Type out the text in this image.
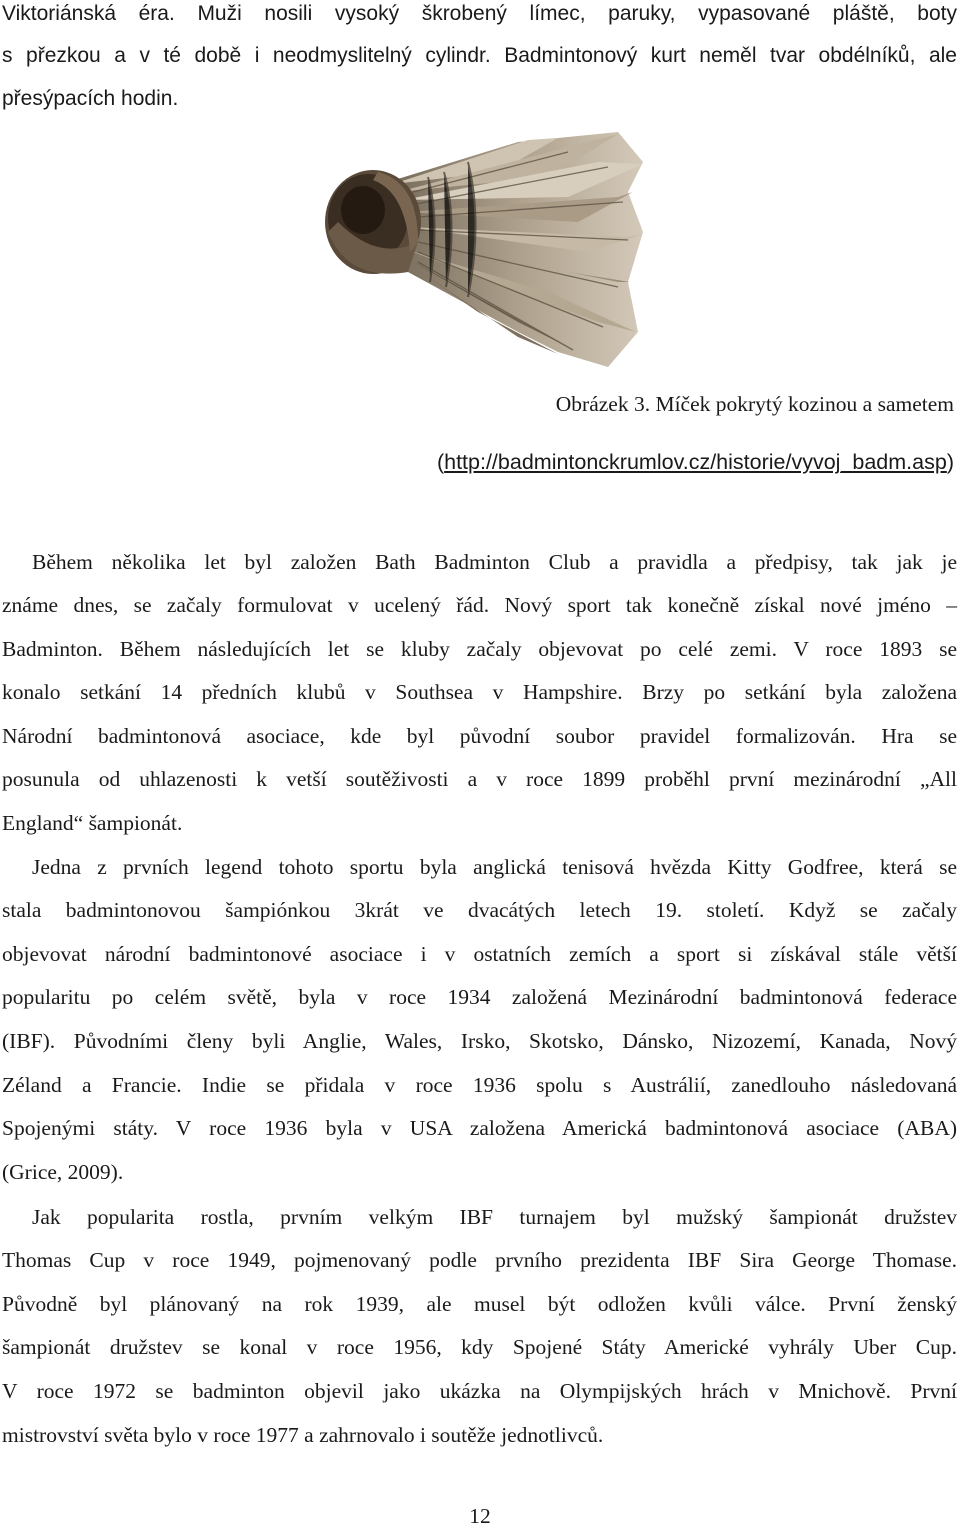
Viktoriánská éra. Muži nosili vysoký škrobený límec, paruky, vypasované pláště, boty
s přezkou a v té době i neodmyslitelný cylindr. Badmintonový kurt neměl tvar obdélníků, ale
přesýpacích hodin.
Obrázek 3. Míček pokrytý kozinou a sametem
(http://badmintonckrumlov.cz/historie/vyvoj_badm.asp)
Během několika let byl založen Bath Badminton Club a pravidla a předpisy, tak jak je
známe dnes, se začaly formulovat v ucelený řád. Nový sport tak konečně získal nové jméno –
Badminton. Během následujících let se kluby začaly objevovat po celé zemi. V roce 1893 se
konalo setkání 14 předních klubů v Southsea v Hampshire. Brzy po setkání byla založena
Národní badmintonová asociace, kde byl původní soubor pravidel formalizován. Hra se
posunula od uhlazenosti k vetší soutěživosti a v roce 1899 proběhl první mezinárodní „All
England“ šampionát.
Jedna z prvních legend tohoto sportu byla anglická tenisová hvězda Kitty Godfree, která se
stala badmintonovou šampiónkou 3krát ve dvacátých letech 19. století. Když se začaly
objevovat národní badmintonové asociace i v ostatních zemích a sport si získával stále větší
popularitu po celém světě, byla v roce 1934 založená Mezinárodní badmintonová federace
(IBF). Původními členy byli Anglie, Wales, Irsko, Skotsko, Dánsko, Nizozemí, Kanada, Nový
Zéland a Francie. Indie se přidala v roce 1936 spolu s Austrálií, zanedlouho následovaná
Spojenými státy. V roce 1936 byla v USA založena Americká badmintonová asociace (ABA)
(Grice, 2009).
Jak popularita rostla, prvním velkým IBF turnajem byl mužský šampionát družstev
Thomas Cup v roce 1949, pojmenovaný podle prvního prezidenta IBF Sira George Thomase.
Původně byl plánovaný na rok 1939, ale musel být odložen kvůli válce. První ženský
šampionát družstev se konal v roce 1956, kdy Spojené Státy Americké vyhrály Uber Cup.
V roce 1972 se badminton objevil jako ukázka na Olympijských hrách v Mnichově. První
mistrovství světa bylo v roce 1977 a zahrnovalo i soutěže jednotlivců.
12
